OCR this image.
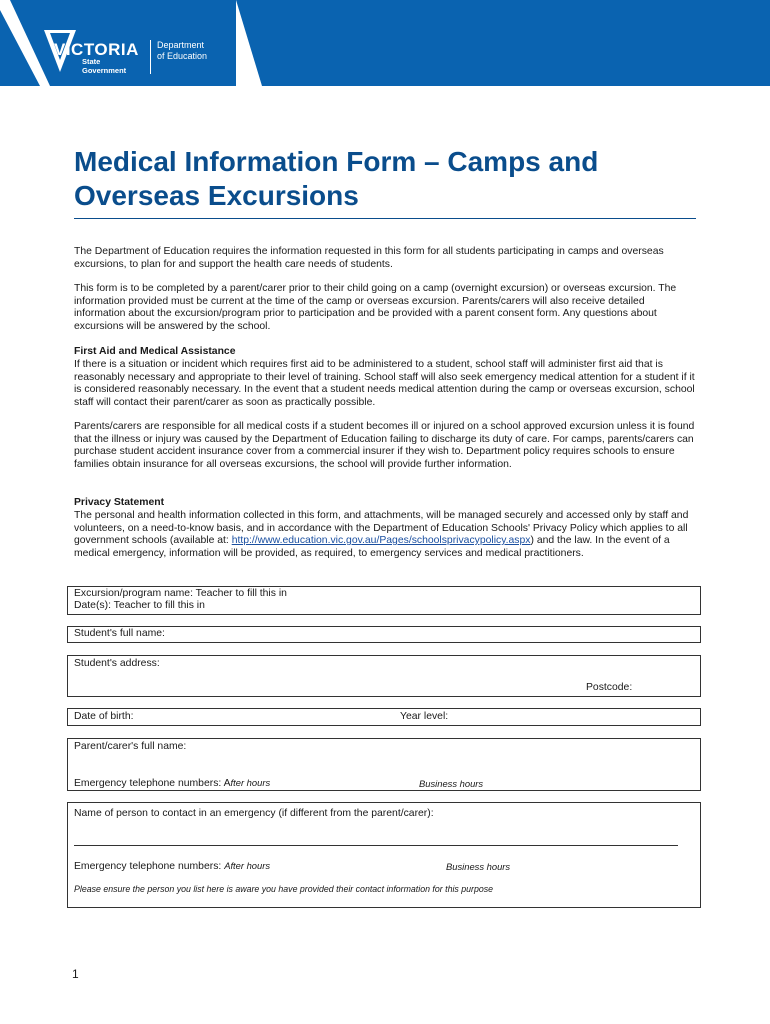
VICTORIA
State
Government
Department
of Education
Medical Information Form – Camps and Overseas Excursions

The Department of Education requires the information requested in this form for all students participating in camps and overseas excursions, to plan for and support the health care needs of students.

This form is to be completed by a parent/carer prior to their child going on a camp (overnight excursion) or overseas excursion. The information provided must be current at the time of the camp or overseas excursion. Parents/carers will also receive detailed information about the excursion/program prior to participation and be provided with a parent consent form. Any questions about excursions will be answered by the school.

First Aid and Medical Assistance

If there is a situation or incident which requires first aid to be administered to a student, school staff will administer first aid that is reasonably necessary and appropriate to their level of training. School staff will also seek emergency medical attention for a student if it is considered reasonably necessary. In the event that a student needs medical attention during the camp or overseas excursion, school staff will contact their parent/carer as soon as practically possible.

Parents/carers are responsible for all medical costs if a student becomes ill or injured on a school approved excursion unless it is found that the illness or injury was caused by the Department of Education failing to discharge its duty of care. For camps, parents/carers can purchase student accident insurance cover from a commercial insurer if they wish to. Department policy requires schools to ensure families obtain insurance for all overseas excursions, the school will provide further information.

Privacy Statement

The personal and health information collected in this form, and attachments, will be managed securely and accessed only by staff and volunteers, on a need-to-know basis, and in accordance with the Department of Education Schools' Privacy Policy which applies to all government schools (available at: http://www.education.vic.gov.au/Pages/schoolsprivacypolicy.aspx) and the law. In the event of a medical emergency, information will be provided, as required, to emergency services and medical practitioners.

Excursion/program name: Teacher to fill this in
Date(s): Teacher to fill this in
Student's full name:
Student's address:
Postcode:
Date of birth:	Year level:
Parent/carer's full name:
Emergency telephone numbers: After hours	Business hours
Name of person to contact in an emergency (if different from the parent/carer):
Emergency telephone numbers: After hours	Business hours
Please ensure the person you list here is aware you have provided their contact information for this purpose
1
